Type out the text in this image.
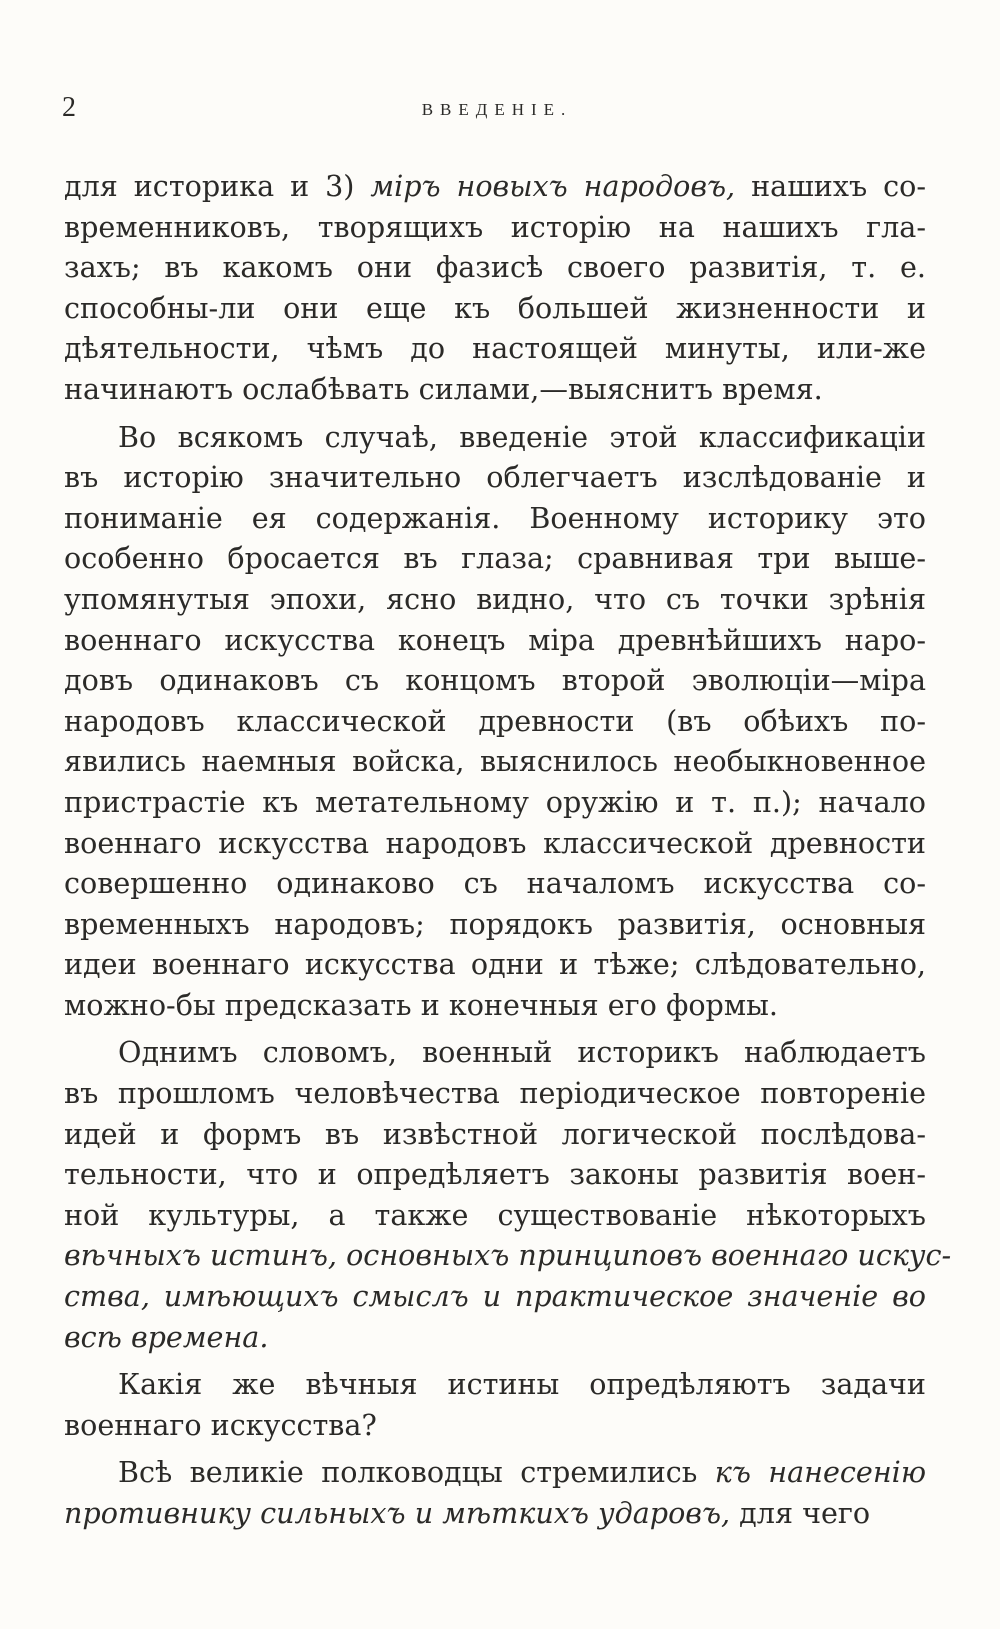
2	ВВЕДЕНIЕ.
для историка и 3) мiръ новыхъ народовъ, нашихъ со-
временниковъ, творящихъ исторiю на нашихъ гла-
захъ; въ какомъ они фазисѣ своего развитiя, т. е.
способны-ли они еще къ большей жизненности и
дѣятельности, чѣмъ до настоящей минуты, или-же
начинаютъ ослабѣвать силами,—выяснитъ время.
Во всякомъ случаѣ, введенiе этой классификацiи
въ исторiю значительно облегчаетъ изслѣдованiе и
пониманiе ея содержанiя. Военному историку это
особенно бросается въ глаза; сравнивая три выше-
упомянутыя эпохи, ясно видно, что съ точки зрѣнiя
военнаго искусства конецъ мiра древнѣйшихъ наро-
довъ одинаковъ съ концомъ второй эволюцiи—мiра
народовъ классической древности (въ обѣихъ по-
явились наемныя войска, выяснилось необыкновенное
пристрастiе къ метательному оружiю и т. п.); начало
военнаго искусства народовъ классической древности
совершенно одинаково съ началомъ искусства со-
временныхъ народовъ; порядокъ развитiя, основныя
идеи военнаго искусства одни и тѣже; слѣдовательно,
можно-бы предсказать и конечныя его формы.
Однимъ словомъ, военный историкъ наблюдаетъ
въ прошломъ человѣчества перiодическое повторенiе
идей и формъ въ извѣстной логической послѣдова-
тельности, что и опредѣляетъ законы развитiя воен-
ной культуры, а также существованiе нѣкоторыхъ
вѣчныхъ истинъ, основныхъ принциповъ военнаго искус-
ства, имѣющихъ смыслъ и практическое значенiе во
всѣ времена.
Какiя же вѣчныя истины опредѣляютъ задачи
военнаго искусства?
Всѣ великiе полководцы стремились къ нанесенiю
противнику сильныхъ и мѣткихъ ударовъ, для чего
